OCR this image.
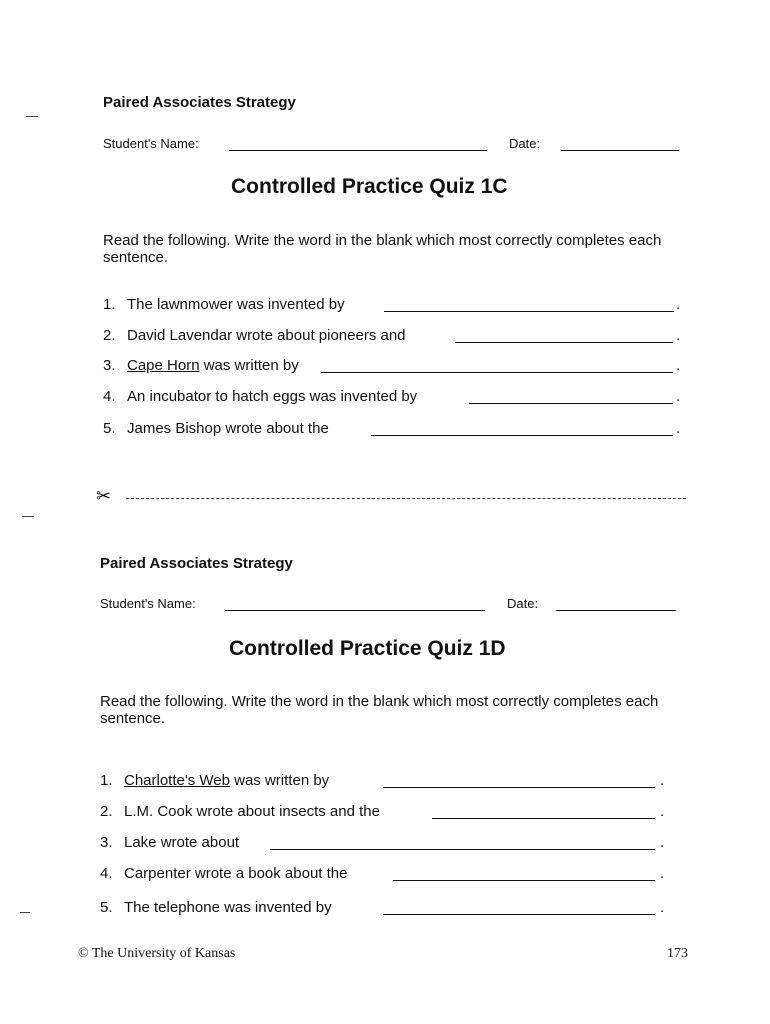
Paired Associates Strategy
Student's Name:	Date:
Controlled Practice Quiz 1C
Read the following. Write the word in the blank which most correctly completes each sentence.
1. The lawnmower was invented by	.
2. David Lavendar wrote about pioneers and	.
3. Cape Horn was written by	.
4. An incubator to hatch eggs was invented by	.
5. James Bishop wrote about the	.
✂
Paired Associates Strategy
Student's Name:	Date:
Controlled Practice Quiz 1D
Read the following. Write the word in the blank which most correctly completes each sentence.
1. Charlotte's Web was written by	.
2. L.M. Cook wrote about insects and the	.
3. Lake wrote about	.
4. Carpenter wrote a book about the	.
5. The telephone was invented by	.
© The University of Kansas	173
